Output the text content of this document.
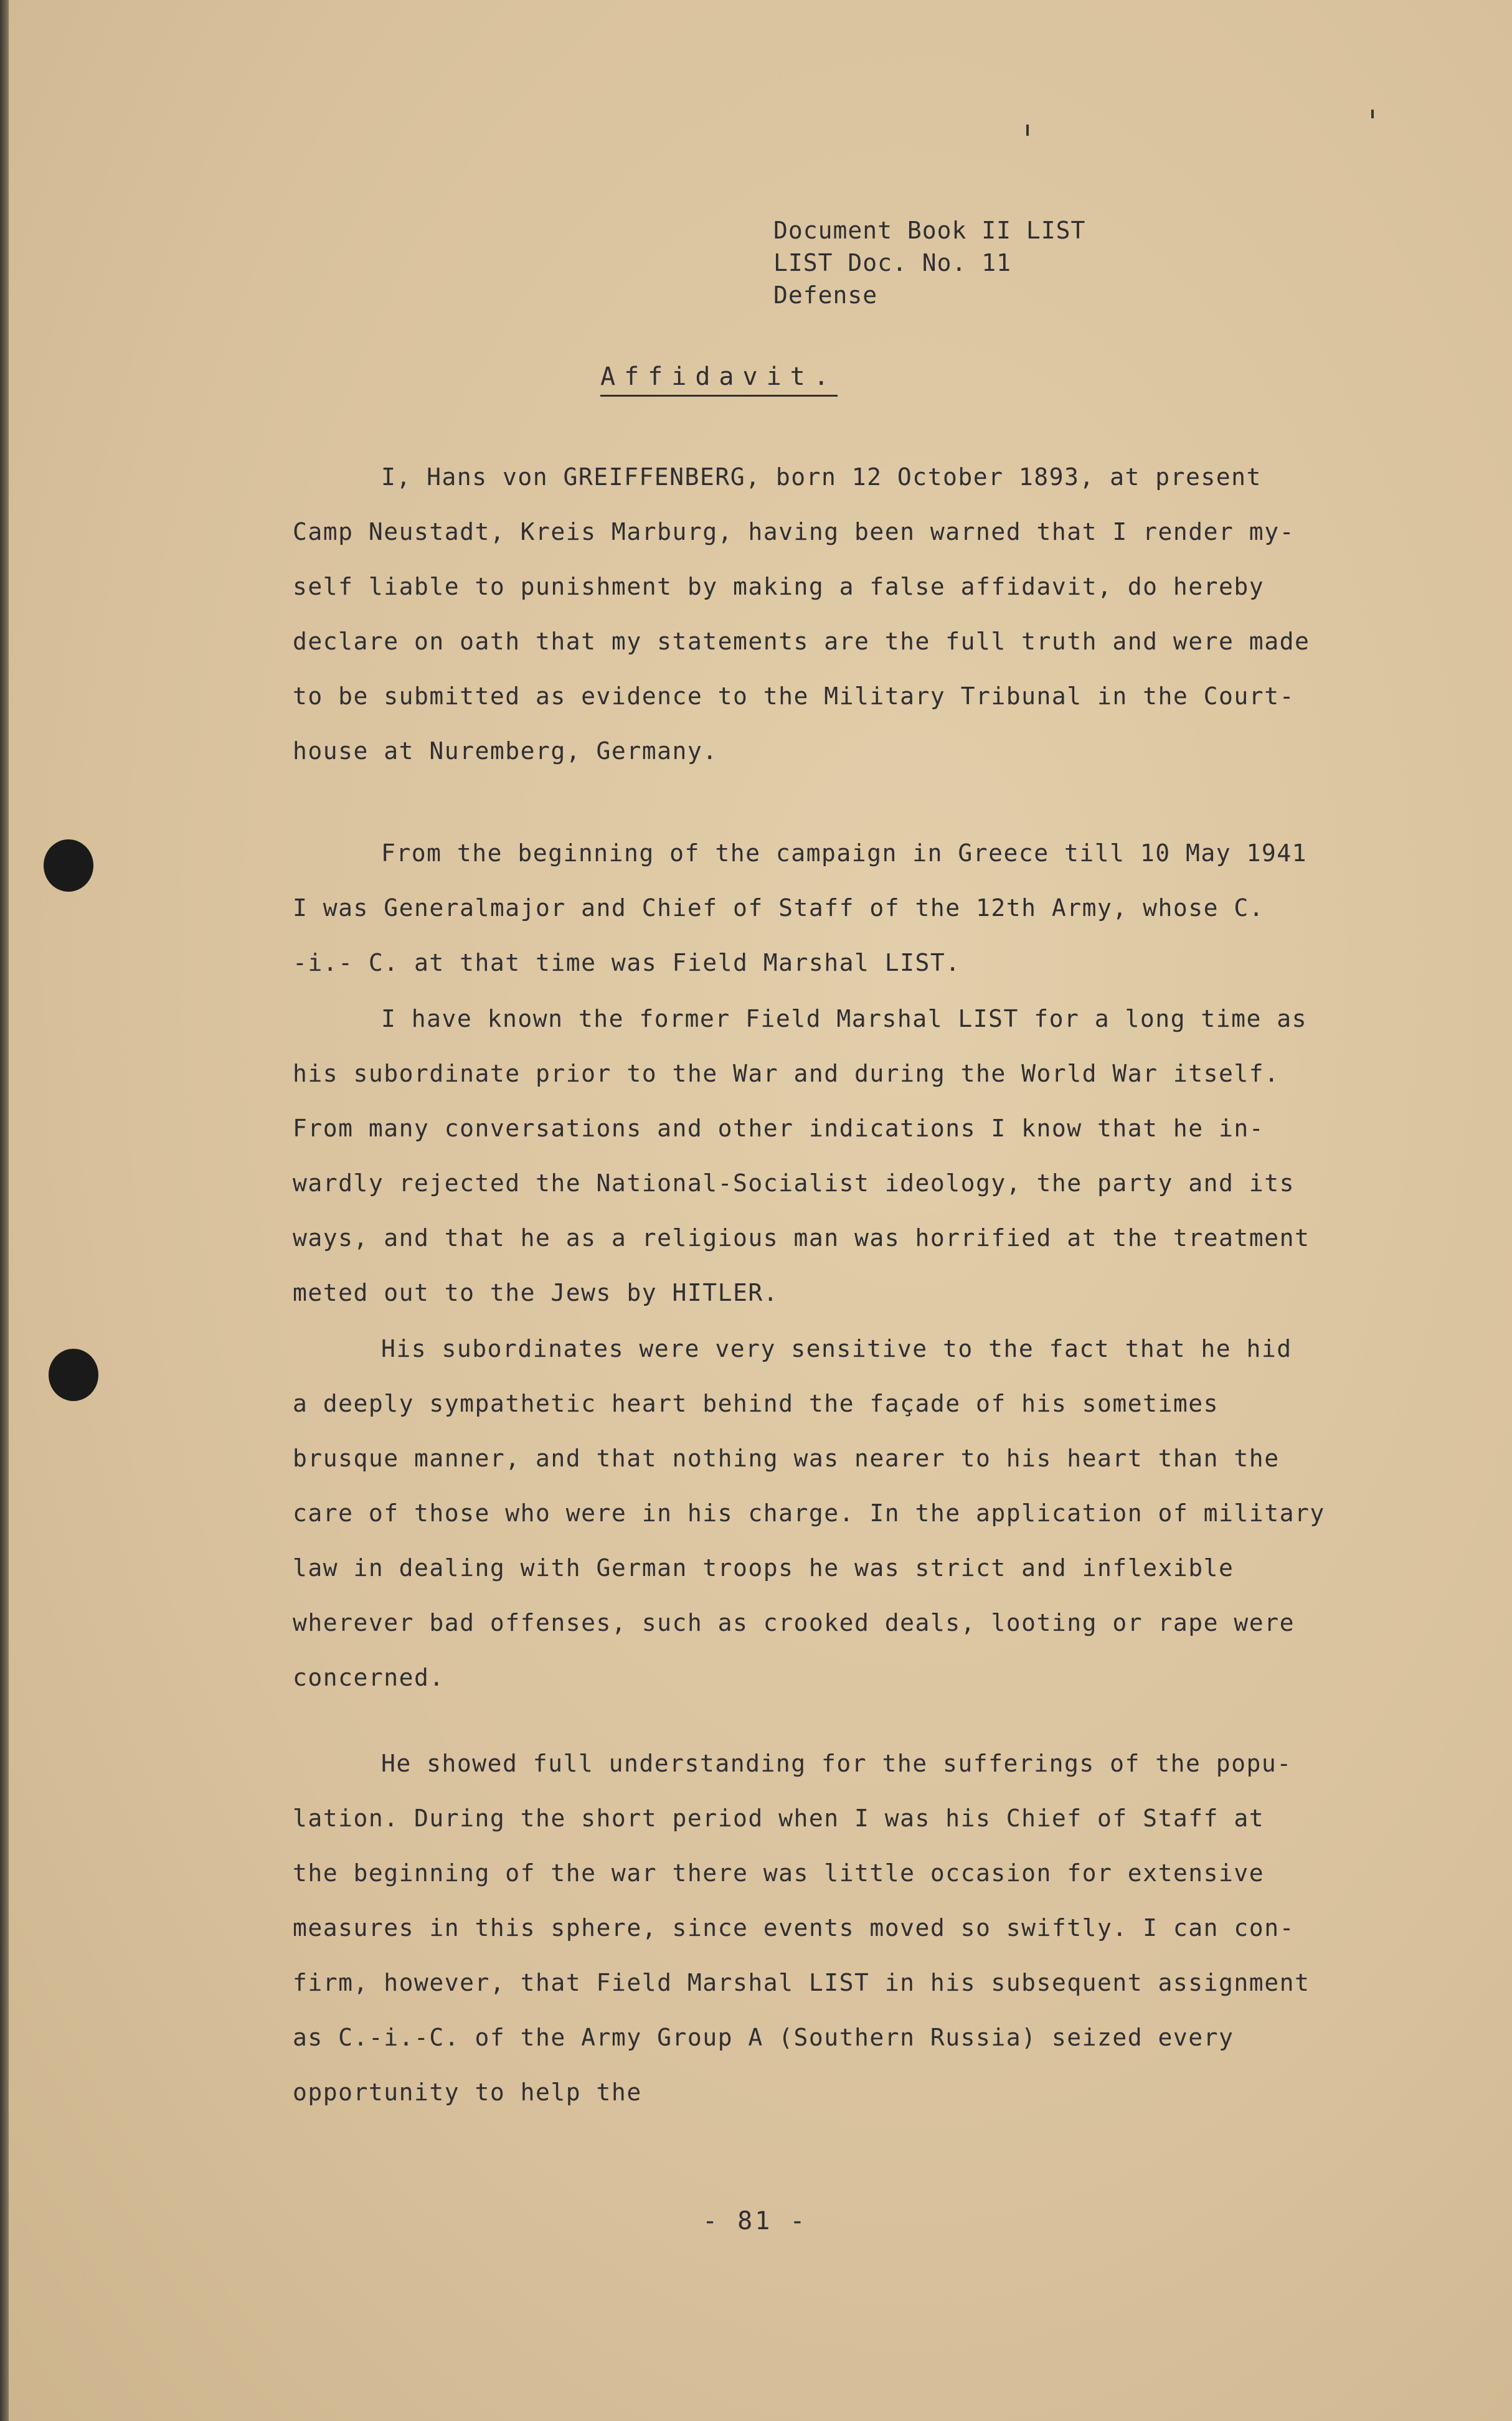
Document Book II LIST
LIST Doc. No. 11
Defense
Affidavit.
I, Hans von GREIFFENBERG, born 12 October 1893, at present
Camp Neustadt, Kreis Marburg, having been warned that I render my-
self liable to punishment by making a false affidavit, do hereby
declare on oath that my statements are the full truth and were made
to be submitted as evidence to the Military Tribunal in the Court-
house at Nuremberg, Germany.
From the beginning of the campaign in Greece till 10 May 1941
I was Generalmajor and Chief of Staff of the 12th Army, whose C.
-i.- C. at that time was Field Marshal LIST.
I have known the former Field Marshal LIST for a long time as
his subordinate prior to the War and during the World War itself.
From many conversations and other indications I know that he in-
wardly rejected the National-Socialist ideology, the party and its
ways, and that he as a religious man was horrified at the treatment
meted out to the Jews by HITLER.
His subordinates were very sensitive to the fact that he hid
a deeply sympathetic heart behind the façade of his sometimes
brusque manner, and that nothing was nearer to his heart than the
care of those who were in his charge. In the application of military
law in dealing with German troops he was strict and inflexible
wherever bad offenses, such as crooked deals, looting or rape were
concerned.
He showed full understanding for the sufferings of the popu-
lation. During the short period when I was his Chief of Staff at
the beginning of the war there was little occasion for extensive
measures in this sphere, since events moved so swiftly. I can con-
firm, however, that Field Marshal LIST in his subsequent assignment
as C.-i.-C. of the Army Group A (Southern Russia) seized every
opportunity to help the
- 81 -
